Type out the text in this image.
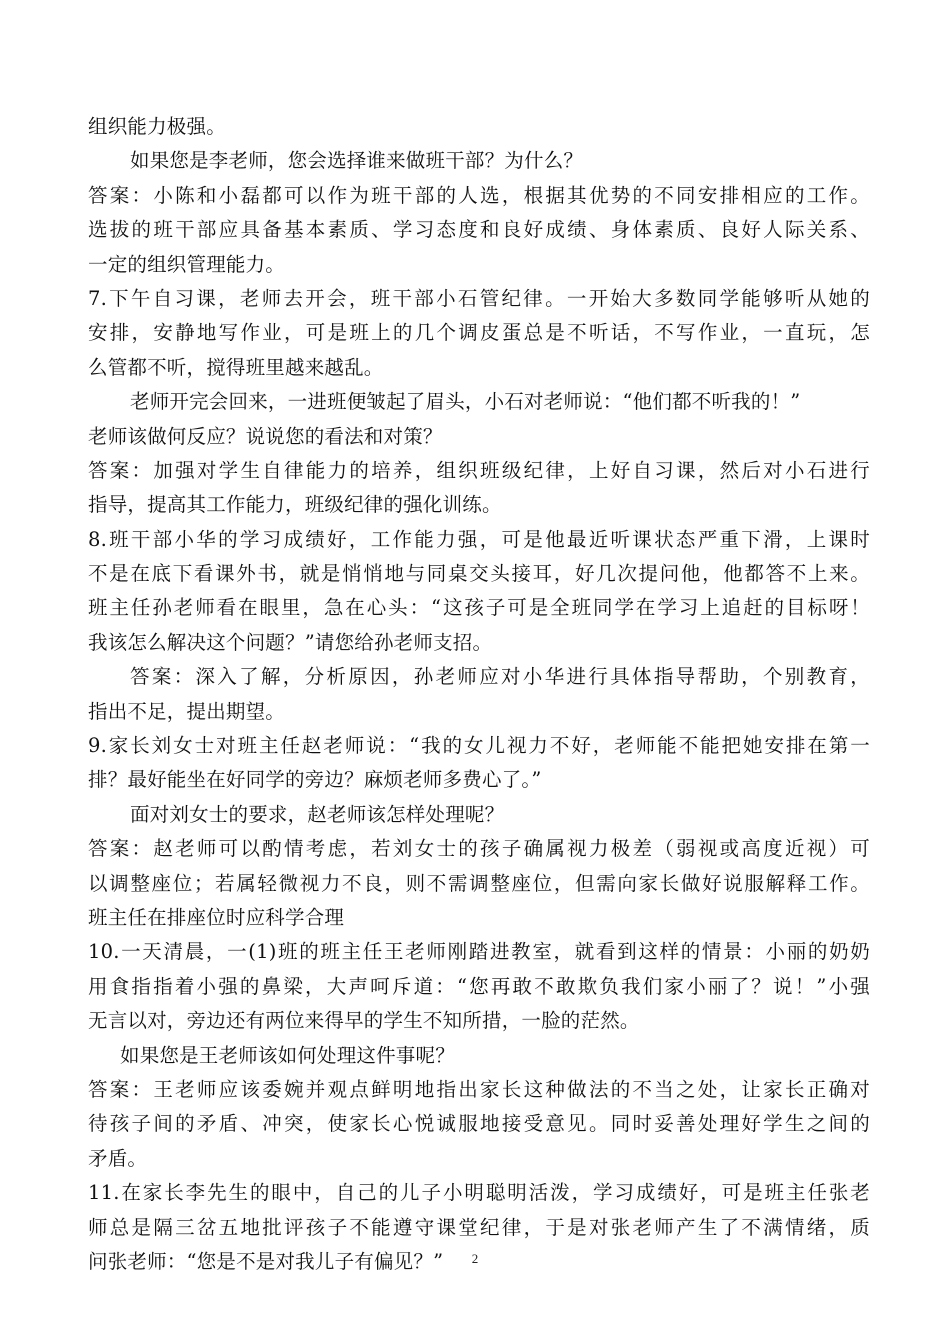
组织能力极强。
如果您是李老师，您会选择谁来做班干部？为什么？
答案：小陈和小磊都可以作为班干部的人选，根据其优势的不同安排相应的工作。
选拔的班干部应具备基本素质、学习态度和良好成绩、身体素质、良好人际关系、
一定的组织管理能力。
7.下午自习课，老师去开会，班干部小石管纪律。一开始大多数同学能够听从她的
安排，安静地写作业，可是班上的几个调皮蛋总是不听话，不写作业，一直玩，怎
么管都不听，搅得班里越来越乱。
老师开完会回来，一进班便皱起了眉头，小石对老师说：“他们都不听我的！”
老师该做何反应？说说您的看法和对策？
答案：加强对学生自律能力的培养，组织班级纪律，上好自习课，然后对小石进行
指导，提高其工作能力，班级纪律的强化训练。
8.班干部小华的学习成绩好，工作能力强，可是他最近听课状态严重下滑，上课时
不是在底下看课外书，就是悄悄地与同桌交头接耳，好几次提问他，他都答不上来。
班主任孙老师看在眼里，急在心头：“这孩子可是全班同学在学习上追赶的目标呀！
我该怎么解决这个问题？”请您给孙老师支招。
答案：深入了解，分析原因，孙老师应对小华进行具体指导帮助，个别教育，
指出不足，提出期望。
9.家长刘女士对班主任赵老师说：“我的女儿视力不好，老师能不能把她安排在第一
排？最好能坐在好同学的旁边？麻烦老师多费心了。”
面对刘女士的要求，赵老师该怎样处理呢？
答案：赵老师可以酌情考虑，若刘女士的孩子确属视力极差（弱视或高度近视）可
以调整座位；若属轻微视力不良，则不需调整座位，但需向家长做好说服解释工作。
班主任在排座位时应科学合理
10.一天清晨，一(1)班的班主任王老师刚踏进教室，就看到这样的情景：小丽的奶奶
用食指指着小强的鼻梁，大声呵斥道：“您再敢不敢欺负我们家小丽了？说！”小强
无言以对，旁边还有两位来得早的学生不知所措，一脸的茫然。
如果您是王老师该如何处理这件事呢？
答案：王老师应该委婉并观点鲜明地指出家长这种做法的不当之处，让家长正确对
待孩子间的矛盾、冲突，使家长心悦诚服地接受意见。同时妥善处理好学生之间的
矛盾。
11.在家长李先生的眼中，自己的儿子小明聪明活泼，学习成绩好，可是班主任张老
师总是隔三岔五地批评孩子不能遵守课堂纪律，于是对张老师产生了不满情绪，质
问张老师：“您是不是对我儿子有偏见？”	2
